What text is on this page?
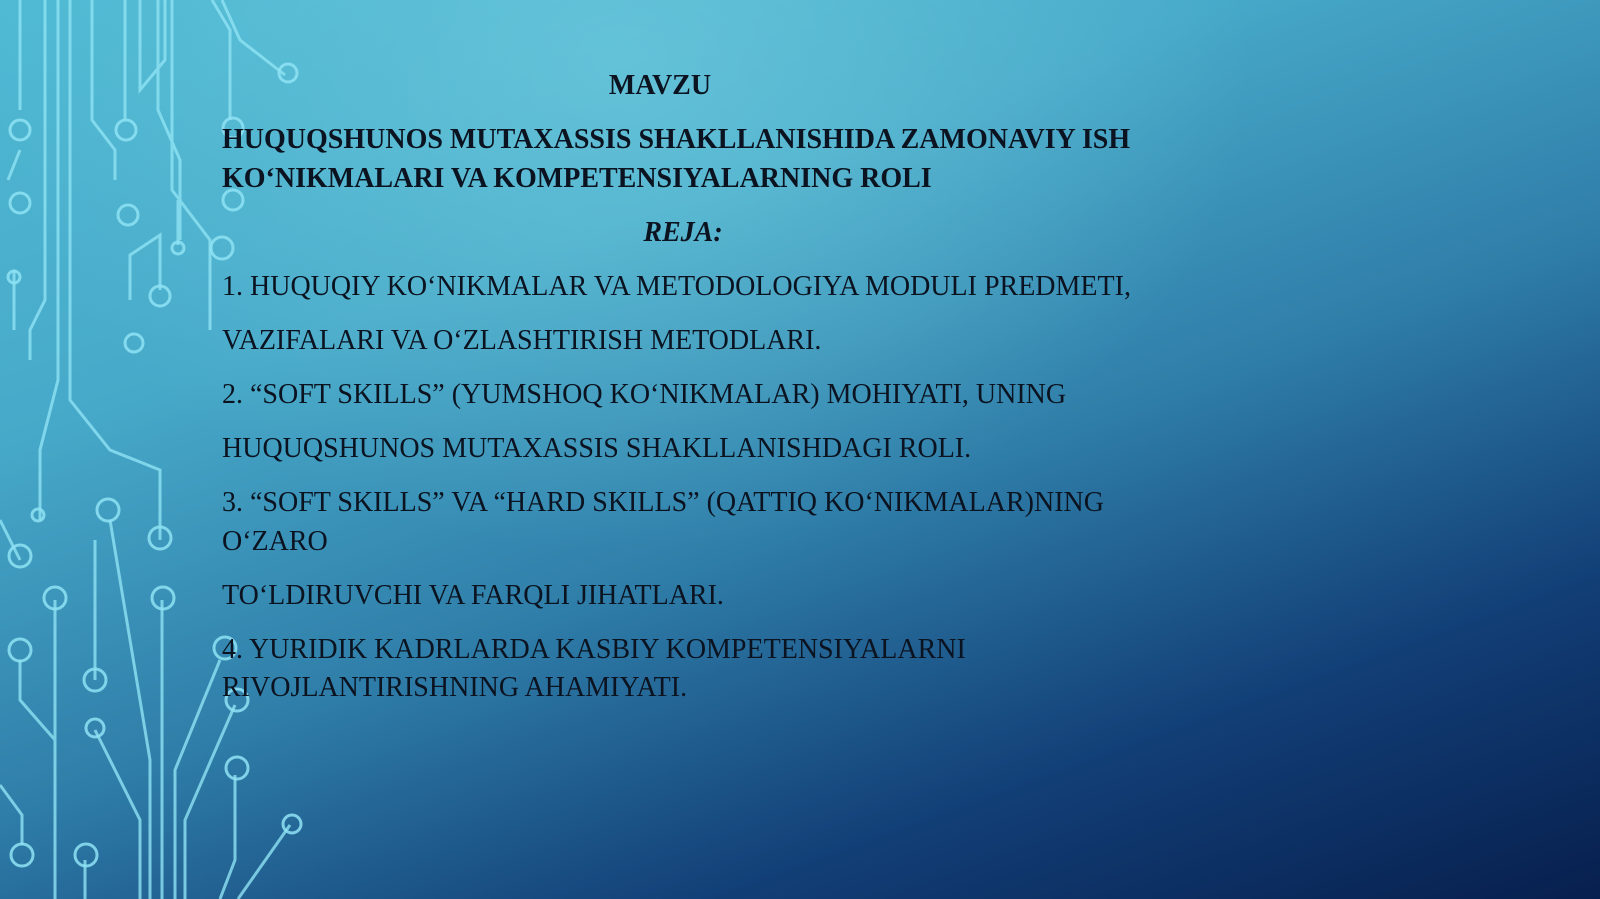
MAVZU
HUQUQSHUNOS MUTAXASSIS SHAKLLANISHIDA ZAMONAVIY ISH
KO‘NIKMALARI VA KOMPETENSIYALARNING ROLI
REJA:
1. HUQUQIY KO‘NIKMALAR VA METODOLOGIYA MODULI PREDMETI,
VAZIFALARI VA O‘ZLASHTIRISH METODLARI.
2. “SOFT SKILLS” (YUMSHOQ KO‘NIKMALAR) MOHIYATI, UNING
HUQUQSHUNOS MUTAXASSIS SHAKLLANISHDAGI ROLI.
3. “SOFT SKILLS” VA “HARD SKILLS” (QATTIQ KO‘NIKMALAR)NING
O‘ZARO
TO‘LDIRUVCHI VA FARQLI JIHATLARI.
4. YURIDIK KADRLARDA KASBIY KOMPETENSIYALARNI
RIVOJLANTIRISHNING AHAMIYATI.
